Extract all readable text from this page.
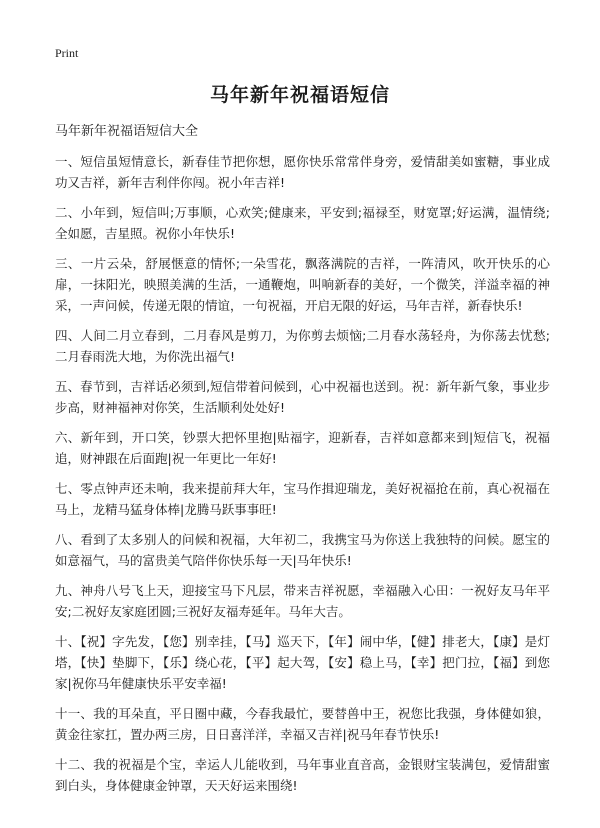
Print
马年新年祝福语短信

马年新年祝福语短信大全

一、短信虽短情意长，新春佳节把你想，愿你快乐常常伴身旁，爱情甜美如蜜糖，事业成功又吉祥，新年吉利伴你闯。祝小年吉祥!

二、小年到，短信叫;万事顺，心欢笑;健康来，平安到;福禄至，财宽罩;好运满，温情绕;全如愿，吉星照。祝你小年快乐!

三、一片云朵，舒展惬意的情怀;一朵雪花，飘落满院的吉祥，一阵清风，吹开快乐的心扉，一抹阳光，映照美满的生活，一通鞭炮，叫响新春的美好，一个微笑，洋溢幸福的神采，一声问候，传递无限的情谊，一句祝福，开启无限的好运，马年吉祥，新春快乐!

四、人间二月立春到，二月春风是剪刀，为你剪去烦恼;二月春水荡轻舟，为你荡去忧愁;二月春雨洗大地，为你洗出福气!

五、春节到，吉祥话必须到,短信带着问候到，心中祝福也送到。祝：新年新气象，事业步步高，财神福神对你笑，生活顺利处处好!

六、新年到，开口笑，钞票大把怀里抱|贴福字，迎新春，吉祥如意都来到|短信飞，祝福追，财神跟在后面跑|祝一年更比一年好!

七、零点钟声还未响，我来提前拜大年，宝马作揖迎瑞龙，美好祝福抢在前，真心祝福在马上，龙精马猛身体棒|龙腾马跃事事旺!

八、看到了太多别人的问候和祝福，大年初二，我携宝马为你送上我独特的问候。愿宝的如意福气，马的富贵美气陪伴你快乐每一天|马年快乐!

九、神舟八号飞上天，迎接宝马下凡层，带来吉祥祝愿，幸福融入心田：一祝好友马年平安;二祝好友家庭团圆;三祝好友福寿延年。马年大吉。

十、【祝】字先发，【您】别幸挂，【马】巡天下，【年】闹中华，【健】排老大，【康】是灯塔，【快】垫脚下，【乐】绕心花，【平】起大驾，【安】稳上马，【幸】把门拉，【福】到您家|祝你马年健康快乐平安幸福!

十一、我的耳朵直，平日圈中藏，今春我最忙，要替兽中王，祝您比我强，身体健如狼，黄金往家扛，置办两三房，日日喜洋洋，幸福又吉祥|祝马年春节快乐!

十二、我的祝福是个宝，幸运人儿能收到，马年事业直音高，金银财宝装满包，爱情甜蜜到白头，身体健康金钟罩，天天好运来围绕!
